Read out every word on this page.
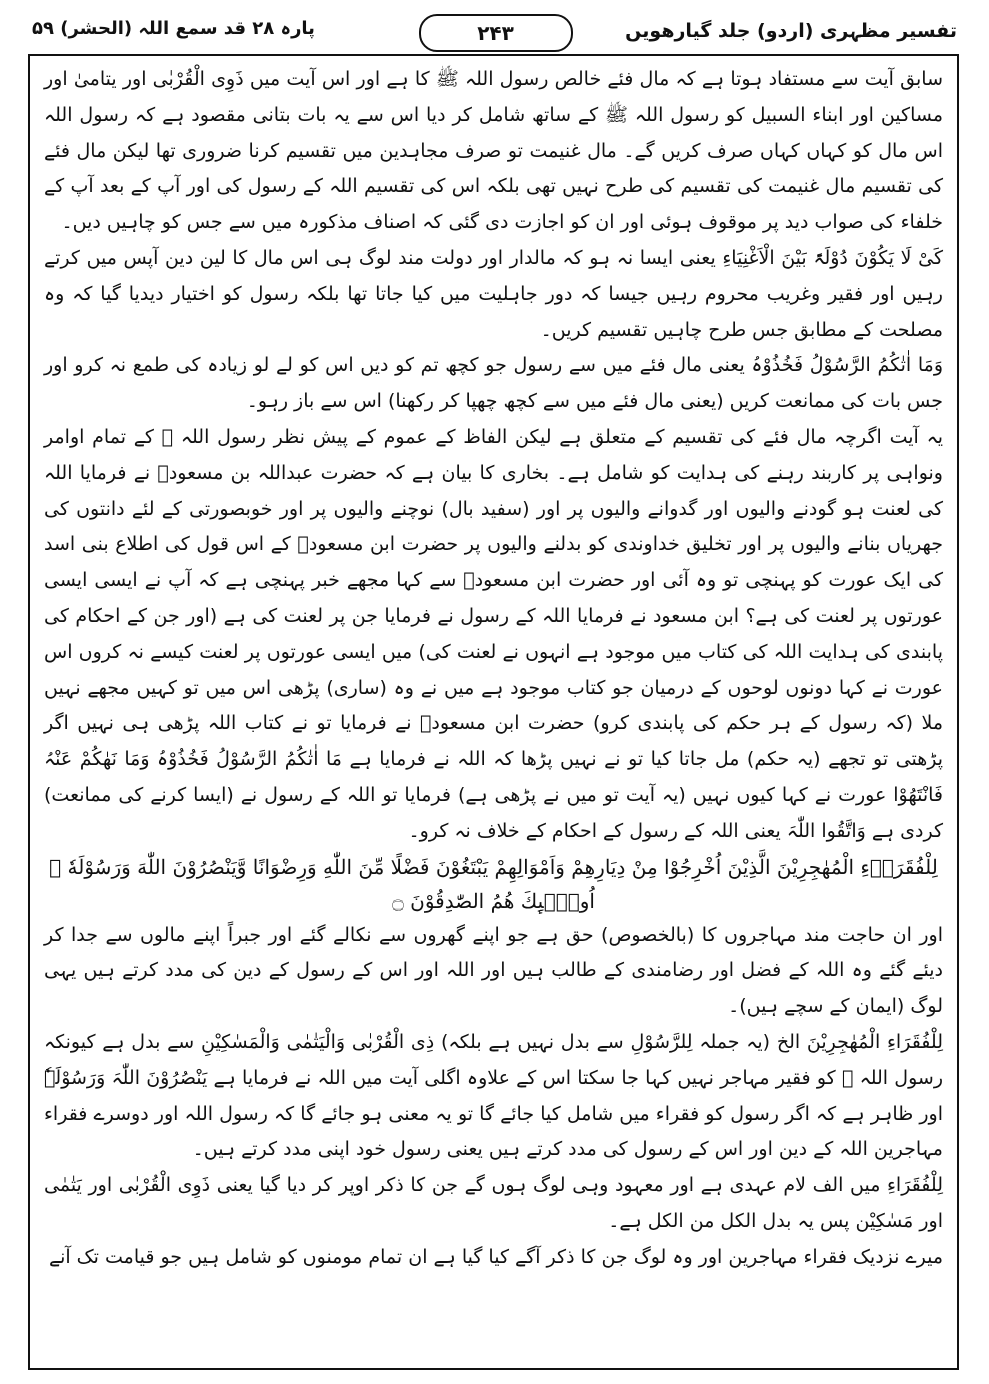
تفسیر مظہری (اردو) جلد گیارھویں
۲۴۳
پارہ ۲۸ قد سمع اللہ (الحشر) ۵۹

سابق آیت سے مستفاد ہوتا ہے کہ مال فئے خالص رسول اللہ ﷺ کا ہے اور اس آیت میں ذَوِی الْقُرْبٰی اور یتامیٰ اور مساکین اور ابناء السبیل کو رسول اللہ ﷺ کے ساتھ شامل کر دیا اس سے یہ بات بتانی مقصود ہے کہ رسول اللہ اس مال کو کہاں کہاں صرف کریں گے۔ مال غنیمت تو صرف مجاہدین میں تقسیم کرنا ضروری تھا لیکن مال فئے کی تقسیم مال غنیمت کی تقسیم کی طرح نہیں تھی بلکہ اس کی تقسیم اللہ کے رسول کی اور آپ کے بعد آپ کے خلفاء کی صواب دید پر موقوف ہوئی اور ان کو اجازت دی گئی کہ اصناف مذکورہ میں سے جس کو چاہیں دیں۔

کَیْ لَا یَکُوْنَ دُوْلَۃً بَیْنَ الْاَغْنِیَاءِ یعنی ایسا نہ ہو کہ مالدار اور دولت مند لوگ ہی اس مال کا لین دین آپس میں کرتے رہیں اور فقیر وغریب محروم رہیں جیسا کہ دور جاہلیت میں کیا جاتا تھا بلکہ رسول کو اختیار دیدیا گیا کہ وہ مصلحت کے مطابق جس طرح چاہیں تقسیم کریں۔

وَمَا اٰتٰکُمُ الرَّسُوْلُ فَخُذُوْہُ یعنی مال فئے میں سے رسول جو کچھ تم کو دیں اس کو لے لو زیادہ کی طمع نہ کرو اور جس بات کی ممانعت کریں (یعنی مال فئے میں سے کچھ چھپا کر رکھنا) اس سے باز رہو۔

یہ آیت اگرچہ مال فئے کی تقسیم کے متعلق ہے لیکن الفاظ کے عموم کے پیش نظر رسول اللہ ﷺ کے تمام اوامر ونواہی پر کاربند رہنے کی ہدایت کو شامل ہے۔ بخاری کا بیان ہے کہ حضرت عبداللہ بن مسعودؓ نے فرمایا اللہ کی لعنت ہو گودنے والیوں اور گدوانے والیوں پر اور (سفید بال) نوچنے والیوں پر اور خوبصورتی کے لئے دانتوں کی جھریاں بنانے والیوں پر اور تخلیق خداوندی کو بدلنے والیوں پر حضرت ابن مسعودؓ کے اس قول کی اطلاع بنی اسد کی ایک عورت کو پہنچی تو وہ آئی اور حضرت ابن مسعودؓ سے کہا مجھے خبر پہنچی ہے کہ آپ نے ایسی ایسی عورتوں پر لعنت کی ہے؟ ابن مسعود نے فرمایا اللہ کے رسول نے فرمایا جن پر لعنت کی ہے (اور جن کے احکام کی پابندی کی ہدایت اللہ کی کتاب میں موجود ہے انہوں نے لعنت کی) میں ایسی عورتوں پر لعنت کیسے نہ کروں اس عورت نے کہا دونوں لوحوں کے درمیان جو کتاب موجود ہے میں نے وہ (ساری) پڑھی اس میں تو کہیں مجھے نہیں ملا (کہ رسول کے ہر حکم کی پابندی کرو) حضرت ابن مسعودؓ نے فرمایا تو نے کتاب اللہ پڑھی ہی نہیں اگر پڑھتی تو تجھے (یہ حکم) مل جاتا کیا تو نے نہیں پڑھا کہ اللہ نے فرمایا ہے مَا اٰتٰکُمُ الرَّسُوْلُ فَخُذُوْہُ وَمَا نَھٰکُمْ عَنْہُ فَانْتَھُوْا عورت نے کہا کیوں نہیں (یہ آیت تو میں نے پڑھی ہے) فرمایا تو اللہ کے رسول نے (ایسا کرنے کی ممانعت) کردی ہے وَاتَّقُوا اللّٰہَ یعنی اللہ کے رسول کے احکام کے خلاف نہ کرو۔

لِلْفُقَرَاۗءِ الْمُهٰجِرِيْنَ الَّذِيْنَ اُخْرِجُوْا مِنْ دِيَارِهِمْ وَاَمْوَالِهِمْ يَبْتَغُوْنَ فَضْلًا مِّنَ اللّٰهِ وَرِضْوَانًا وَّيَنْصُرُوْنَ اللّٰهَ وَرَسُوْلَهٗ ۭ اُولٰۗىِٕكَ هُمُ الصّٰدِقُوْنَ ۝

اور ان حاجت مند مہاجروں کا (بالخصوص) حق ہے جو اپنے گھروں سے نکالے گئے اور جبراً اپنے مالوں سے جدا کر دیئے گئے وہ اللہ کے فضل اور رضامندی کے طالب ہیں اور اللہ اور اس کے رسول کے دین کی مدد کرتے ہیں یہی لوگ (ایمان کے سچے ہیں)۔

لِلْفُقَرَاءِ الْمُھٰجِرِیْنَ الخ (یہ جملہ لِلرَّسُوْلِ سے بدل نہیں ہے بلکہ) ذِی الْقُرْبٰی وَالْیَتٰمٰی وَالْمَسٰکِیْنِ سے بدل ہے کیونکہ رسول اللہ ﷺ کو فقیر مہاجر نہیں کہا جا سکتا اس کے علاوہ اگلی آیت میں اللہ نے فرمایا ہے یَنْصُرُوْنَ اللّٰہَ وَرَسُوْلَہٗ اور ظاہر ہے کہ اگر رسول کو فقراء میں شامل کیا جائے گا تو یہ معنی ہو جائے گا کہ رسول اللہ اور دوسرے فقراء مہاجرین اللہ کے دین اور اس کے رسول کی مدد کرتے ہیں یعنی رسول خود اپنی مدد کرتے ہیں۔

لِلْفُقَرَاءِ میں الف لام عہدی ہے اور معہود وہی لوگ ہوں گے جن کا ذکر اوپر کر دیا گیا یعنی ذَوِی الْقُرْبٰی اور یَتٰمٰی اور مَسٰکِیْن پس یہ بدل الکل من الکل ہے۔

میرے نزدیک فقراء مہاجرین اور وہ لوگ جن کا ذکر آگے کیا گیا ہے ان تمام مومنوں کو شامل ہیں جو قیامت تک آنے
